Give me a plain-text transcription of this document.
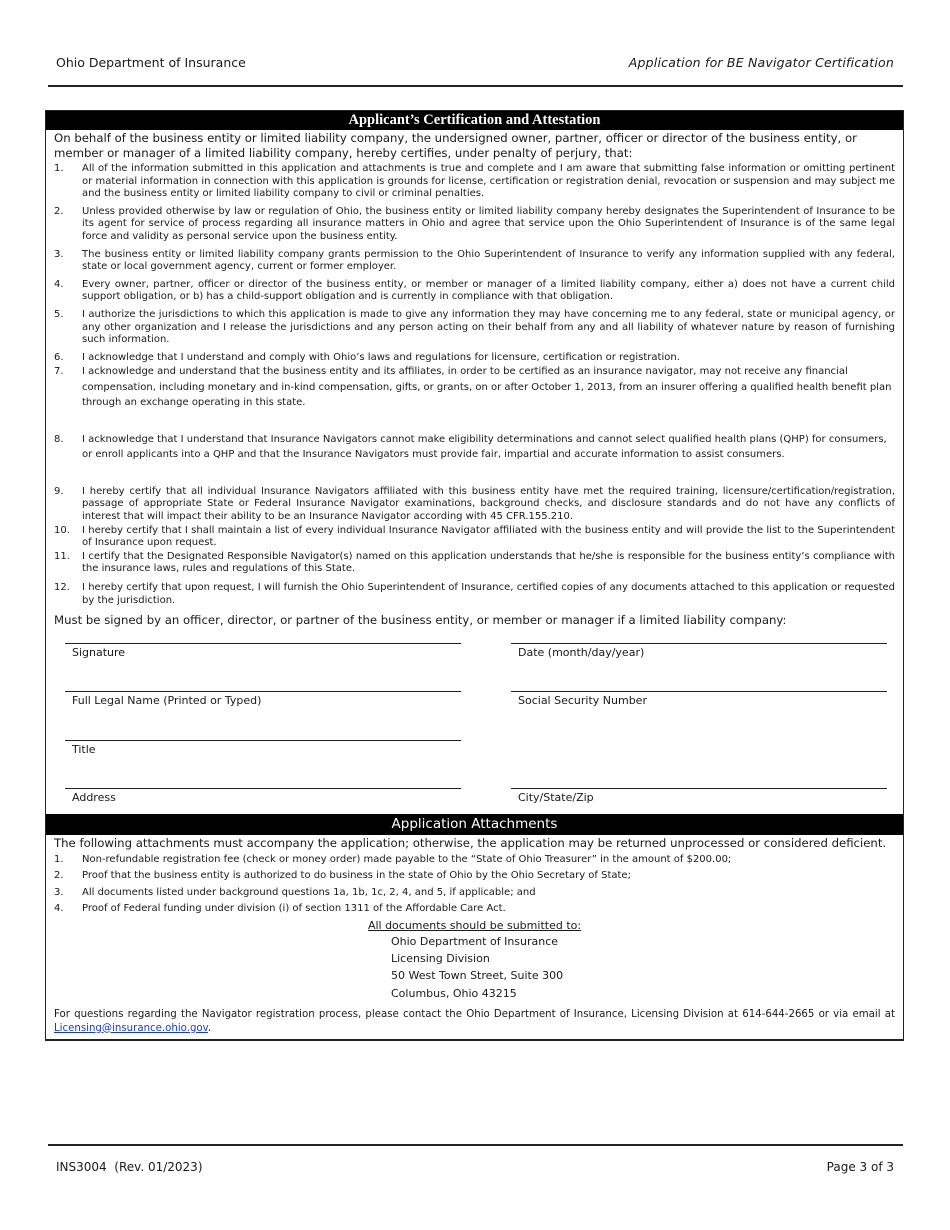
Ohio Department of Insurance	Application for BE Navigator Certification
Applicant’s Certification and Attestation
On behalf of the business entity or limited liability company, the undersigned owner, partner, officer or director of the business entity, or member or manager of a limited liability company, hereby certifies, under penalty of perjury, that:
1.	All of the information submitted in this application and attachments is true and complete and I am aware that submitting false information or omitting pertinent or material information in connection with this application is grounds for license, certification or registration denial, revocation or suspension and may subject me and the business entity or limited liability company to civil or criminal penalties.
2.	Unless provided otherwise by law or regulation of Ohio, the business entity or limited liability company hereby designates the Superintendent of Insurance to be its agent for service of process regarding all insurance matters in Ohio and agree that service upon the Ohio Superintendent of Insurance is of the same legal force and validity as personal service upon the business entity.
3.	The business entity or limited liability company grants permission to the Ohio Superintendent of Insurance to verify any information supplied with any federal, state or local government agency, current or former employer.
4.	Every owner, partner, officer or director of the business entity, or member or manager of a limited liability company, either a) does not have a current child support obligation, or b) has a child-support obligation and is currently in compliance with that obligation.
5.	I authorize the jurisdictions to which this application is made to give any information they may have concerning me to any federal, state or municipal agency, or any other organization and I release the jurisdictions and any person acting on their behalf from any and all liability of whatever nature by reason of furnishing such information.
6.	I acknowledge that I understand and comply with Ohio’s laws and regulations for licensure, certification or registration.
7.	I acknowledge and understand that the business entity and its affiliates, in order to be certified as an insurance navigator, may not receive any financial compensation, including monetary and in-kind compensation, gifts, or grants, on or after October 1, 2013, from an insurer offering a qualified health benefit plan through an exchange operating in this state.
8.	I acknowledge that I understand that Insurance Navigators cannot make eligibility determinations and cannot select qualified health plans (QHP) for consumers, or enroll applicants into a QHP and that the Insurance Navigators must provide fair, impartial and accurate information to assist consumers.
9.	I hereby certify that all individual Insurance Navigators affiliated with this business entity have met the required training, licensure/certification/registration, passage of appropriate State or Federal Insurance Navigator examinations, background checks, and disclosure standards and do not have any conflicts of interest that will impact their ability to be an Insurance Navigator according with 45 CFR.155.210.
10.	I hereby certify that I shall maintain a list of every individual Insurance Navigator affiliated with the business entity and will provide the list to the Superintendent of Insurance upon request.
11.	I certify that the Designated Responsible Navigator(s) named on this application understands that he/she is responsible for the business entity’s compliance with the insurance laws, rules and regulations of this State.
12.	I hereby certify that upon request, I will furnish the Ohio Superintendent of Insurance, certified copies of any documents attached to this application or requested by the jurisdiction.
Must be signed by an officer, director, or partner of the business entity, or member or manager if a limited liability company:
Signature	Date (month/day/year)
Full Legal Name (Printed or Typed)	Social Security Number
Title
Address	City/State/Zip
Application Attachments
The following attachments must accompany the application; otherwise, the application may be returned unprocessed or considered deficient.
1.	Non-refundable registration fee (check or money order) made payable to the “State of Ohio Treasurer” in the amount of $200.00;
2.	Proof that the business entity is authorized to do business in the state of Ohio by the Ohio Secretary of State;
3.	All documents listed under background questions 1a, 1b, 1c, 2, 4, and 5, if applicable; and
4.	Proof of Federal funding under division (i) of section 1311 of the Affordable Care Act.
All documents should be submitted to:
Ohio Department of Insurance
Licensing Division
50 West Town Street, Suite 300
Columbus, Ohio 43215
For questions regarding the Navigator registration process, please contact the Ohio Department of Insurance, Licensing Division at 614-644-2665 or via email at Licensing@insurance.ohio.gov.
INS3004  (Rev. 01/2023)	Page 3 of 3
